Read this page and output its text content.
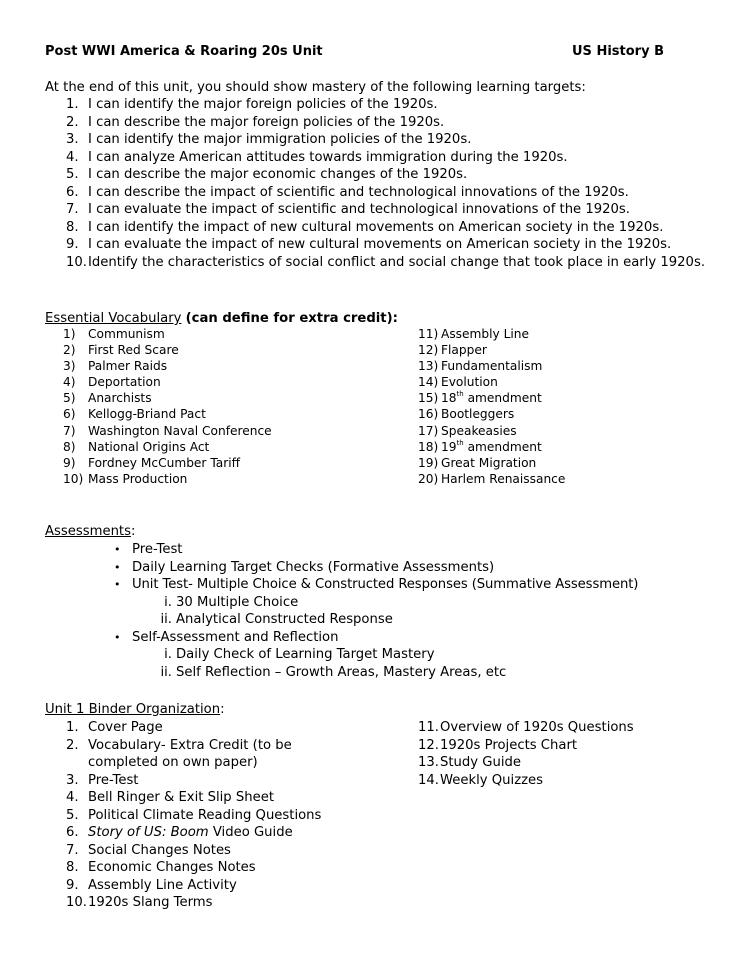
Post WWI America & Roaring 20s Unit	US History B
At the end of this unit, you should show mastery of the following learning targets:
1. I can identify the major foreign policies of the 1920s.
2. I can describe the major foreign policies of the 1920s.
3. I can identify the major immigration policies of the 1920s.
4. I can analyze American attitudes towards immigration during the 1920s.
5. I can describe the major economic changes of the 1920s.
6. I can describe the impact of scientific and technological innovations of the 1920s.
7. I can evaluate the impact of scientific and technological innovations of the 1920s.
8. I can identify the impact of new cultural movements on American society in the 1920s.
9. I can evaluate the impact of new cultural movements on American society in the 1920s.
10. Identify the characteristics of social conflict and social change that took place in early 1920s.
Essential Vocabulary (can define for extra credit):
1) Communism
2) First Red Scare
3) Palmer Raids
4) Deportation
5) Anarchists
6) Kellogg-Briand Pact
7) Washington Naval Conference
8) National Origins Act
9) Fordney McCumber Tariff
10) Mass Production
11) Assembly Line
12) Flapper
13) Fundamentalism
14) Evolution
15) 18th amendment
16) Bootleggers
17) Speakeasies
18) 19th amendment
19) Great Migration
20) Harlem Renaissance
Assessments:
• Pre-Test
• Daily Learning Target Checks (Formative Assessments)
• Unit Test- Multiple Choice & Constructed Responses (Summative Assessment)
i. 30 Multiple Choice
ii. Analytical Constructed Response
• Self-Assessment and Reflection
i. Daily Check of Learning Target Mastery
ii. Self Reflection – Growth Areas, Mastery Areas, etc
Unit 1 Binder Organization:
1. Cover Page
2. Vocabulary- Extra Credit (to be
completed on own paper)
3. Pre-Test
4. Bell Ringer & Exit Slip Sheet
5. Political Climate Reading Questions
6. Story of US: Boom Video Guide
7. Social Changes Notes
8. Economic Changes Notes
9. Assembly Line Activity
10. 1920s Slang Terms
11. Overview of 1920s Questions
12. 1920s Projects Chart
13. Study Guide
14. Weekly Quizzes
